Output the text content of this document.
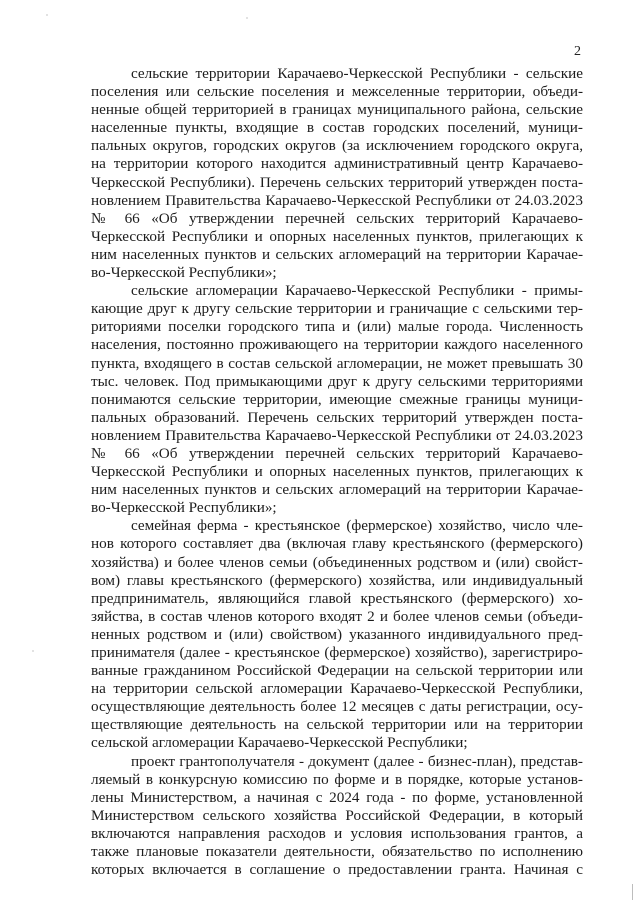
2
сельские территории Карачаево-Черкесской Республики - сельские
поселения или сельские поселения и межселенные территории, объеди-
ненные общей территорией в границах муниципального района, сельские
населенные пункты, входящие в состав городских поселений, муници-
пальных округов, городских округов (за исключением городского округа,
на территории которого находится административный центр Карачаево-
Черкесской Республики). Перечень сельских территорий утвержден поста-
новлением Правительства Карачаево-Черкесской Республики от 24.03.2023
№ 66 «Об утверждении перечней сельских территорий Карачаево-
Черкесской Республики и опорных населенных пунктов, прилегающих к
ним населенных пунктов и сельских агломераций на территории Карачае-
во-Черкесской Республики»;
сельские агломерации Карачаево-Черкесской Республики - примы-
кающие друг к другу сельские территории и граничащие с сельскими тер-
риториями поселки городского типа и (или) малые города. Численность
населения, постоянно проживающего на территории каждого населенного
пункта, входящего в состав сельской агломерации, не может превышать 30
тыс. человек. Под примыкающими друг к другу сельскими территориями
понимаются сельские территории, имеющие смежные границы муници-
пальных образований. Перечень сельских территорий утвержден поста-
новлением Правительства Карачаево-Черкесской Республики от 24.03.2023
№ 66 «Об утверждении перечней сельских территорий Карачаево-
Черкесской Республики и опорных населенных пунктов, прилегающих к
ним населенных пунктов и сельских агломераций на территории Карачае-
во-Черкесской Республики»;
семейная ферма - крестьянское (фермерское) хозяйство, число чле-
нов которого составляет два (включая главу крестьянского (фермерского)
хозяйства) и более членов семьи (объединенных родством и (или) свойст-
вом) главы крестьянского (фермерского) хозяйства, или индивидуальный
предприниматель, являющийся главой крестьянского (фермерского) хо-
зяйства, в состав членов которого входят 2 и более членов семьи (объеди-
ненных родством и (или) свойством) указанного индивидуального пред-
принимателя (далее - крестьянское (фермерское) хозяйство), зарегистриро-
ванные гражданином Российской Федерации на сельской территории или
на территории сельской агломерации Карачаево-Черкесской Республики,
осуществляющие деятельность более 12 месяцев с даты регистрации, осу-
ществляющие деятельность на сельской территории или на территории
сельской агломерации Карачаево-Черкесской Республики;
проект грантополучателя - документ (далее - бизнес-план), представ-
ляемый в конкурсную комиссию по форме и в порядке, которые установ-
лены Министерством, а начиная с 2024 года - по форме, установленной
Министерством сельского хозяйства Российской Федерации, в который
включаются направления расходов и условия использования грантов, а
также плановые показатели деятельности, обязательство по исполнению
которых включается в соглашение о предоставлении гранта. Начиная с
